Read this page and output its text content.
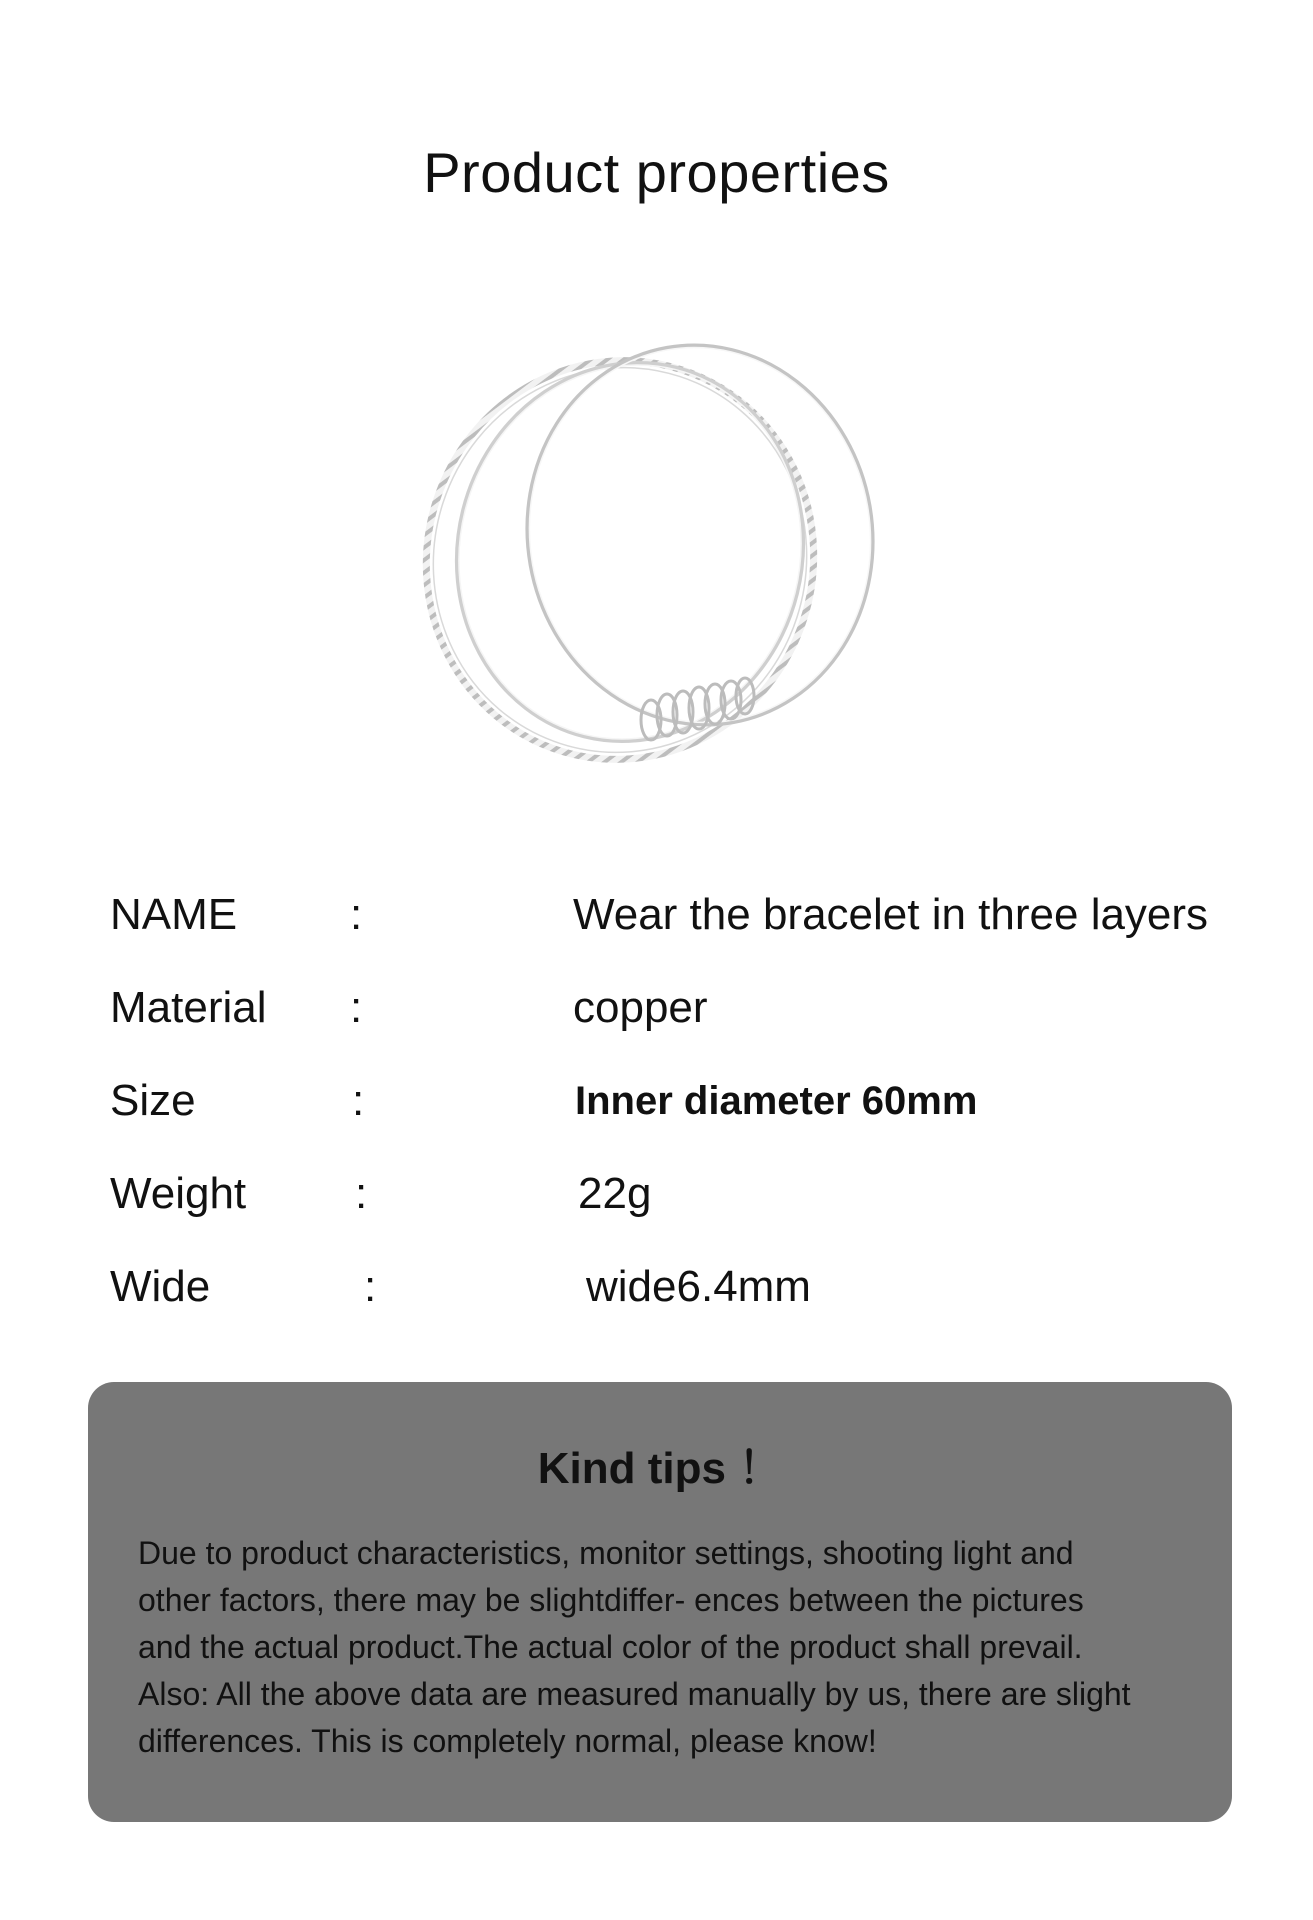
Product properties
NAME	:	Wear the bracelet in three layers
Material :	copper
Size	:	Inner diameter 60mm
Weight :	22g
Wide	:	wide6.4mm
Kind tips ！
Due to product characteristics, monitor settings, shooting light and
other factors, there may be slightdiffer- ences between the pictures
and the actual product.The actual color of the product shall prevail.
Also: All the above data are measured manually by us, there are slight
differences. This is completely normal, please know!
